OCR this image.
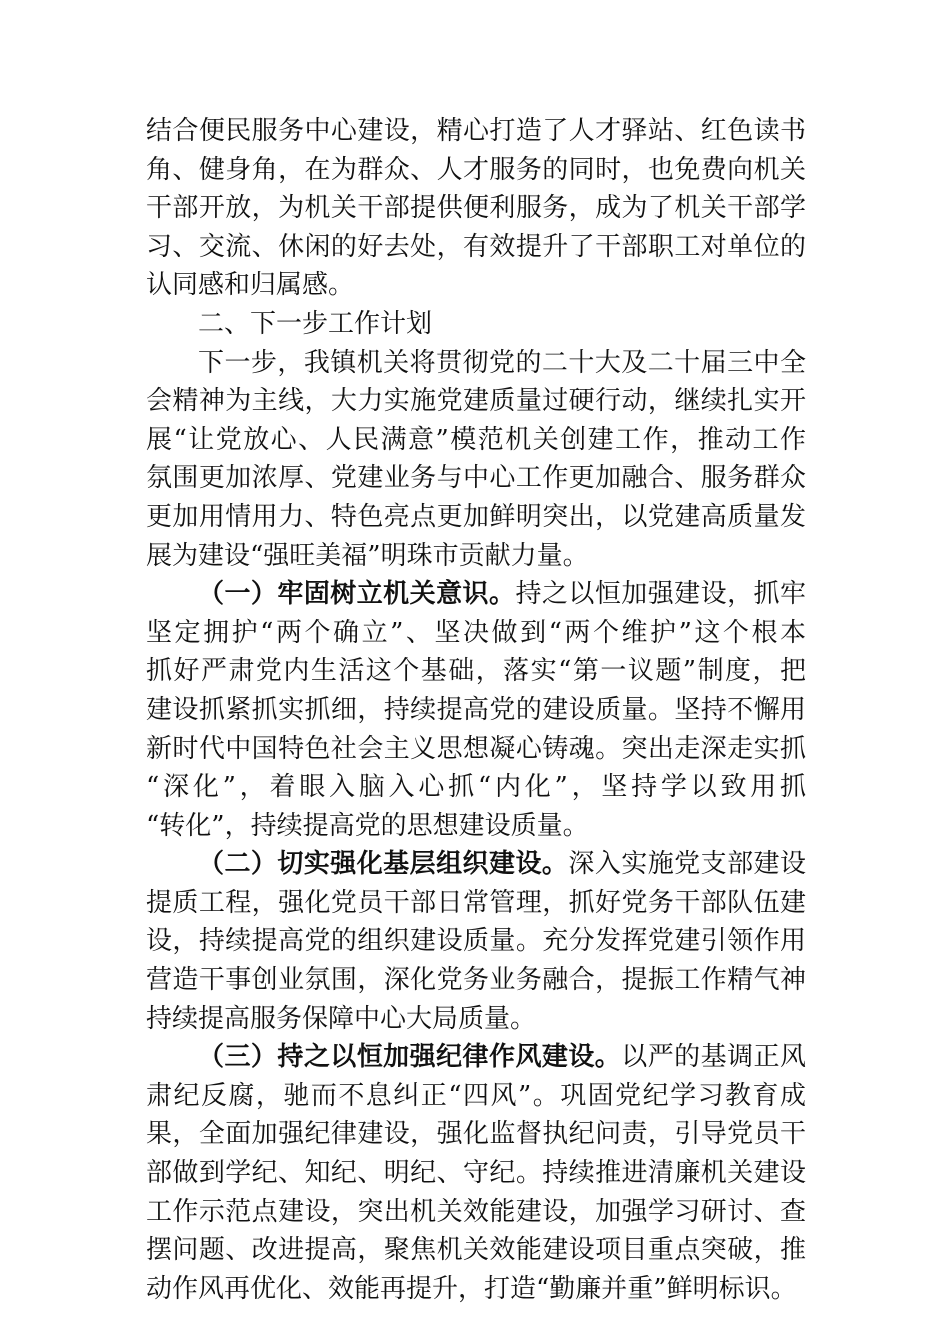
结合便民服务中心建设，精心打造了人才驿站、红色读书
角、健身角，在为群众、人才服务的同时，也免费向机关
干部开放，为机关干部提供便利服务，成为了机关干部学
习、交流、休闲的好去处，有效提升了干部职工对单位的
认同感和归属感。
二、下一步工作计划
下一步，我镇机关将贯彻党的二十大及二十届三中全
会精神为主线，大力实施党建质量过硬行动，继续扎实开
展“让党放心、人民满意”模范机关创建工作，推动工作
氛围更加浓厚、党建业务与中心工作更加融合、服务群众
更加用情用力、特色亮点更加鲜明突出，以党建高质量发
展为建设“强旺美福”明珠市贡献力量。
（一）牢固树立机关意识。持之以恒加强建设，抓牢
坚定拥护“两个确立”、坚决做到“两个维护”这个根本
抓好严肃党内生活这个基础，落实“第一议题”制度，把
建设抓紧抓实抓细，持续提高党的建设质量。坚持不懈用
新时代中国特色社会主义思想凝心铸魂。突出走深走实抓
“深化”，着眼入脑入心抓“内化”，坚持学以致用抓
“转化”，持续提高党的思想建设质量。
（二）切实强化基层组织建设。深入实施党支部建设
提质工程，强化党员干部日常管理，抓好党务干部队伍建
设，持续提高党的组织建设质量。充分发挥党建引领作用
营造干事创业氛围，深化党务业务融合，提振工作精气神
持续提高服务保障中心大局质量。
（三）持之以恒加强纪律作风建设。以严的基调正风
肃纪反腐，驰而不息纠正“四风”。巩固党纪学习教育成
果，全面加强纪律建设，强化监督执纪问责，引导党员干
部做到学纪、知纪、明纪、守纪。持续推进清廉机关建设
工作示范点建设，突出机关效能建设，加强学习研讨、查
摆问题、改进提高，聚焦机关效能建设项目重点突破，推
动作风再优化、效能再提升，打造“勤廉并重”鲜明标识。
